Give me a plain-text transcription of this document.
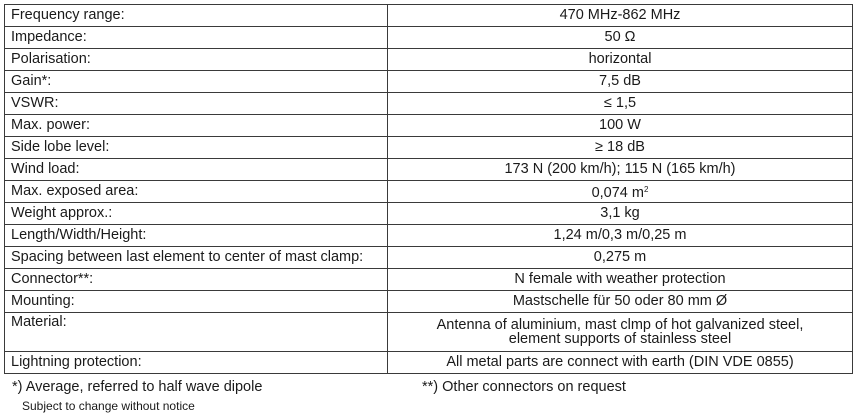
Frequency range:	470 MHz-862 MHz
Impedance:	50 Ω
Polarisation:	horizontal
Gain*:	7,5 dB
VSWR:	≤ 1,5
Max. power:	100 W
Side lobe level:	≥ 18 dB
Wind load:	173 N (200 km/h); 115 N (165 km/h)
Max. exposed area:	0,074 $m^2$
Weight approx.:	3,1 kg
Length/Width/Height:	1,24 m/0,3 m/0,25 m
Spacing between last element to center of mast clamp:	0,275 m
Connector**:	N female with weather protection
Mounting:	Mastschelle für 50 oder 80 mm Ø
Material:	Antenna of aluminium, mast clmp of hot galvanized steel,
element supports of stainless steel

Lightning protection:	All metal parts are connect with earth (DIN VDE 0855)
*) Average, referred to half wave dipole	**) Other connectors on request
Subject to change without notice
